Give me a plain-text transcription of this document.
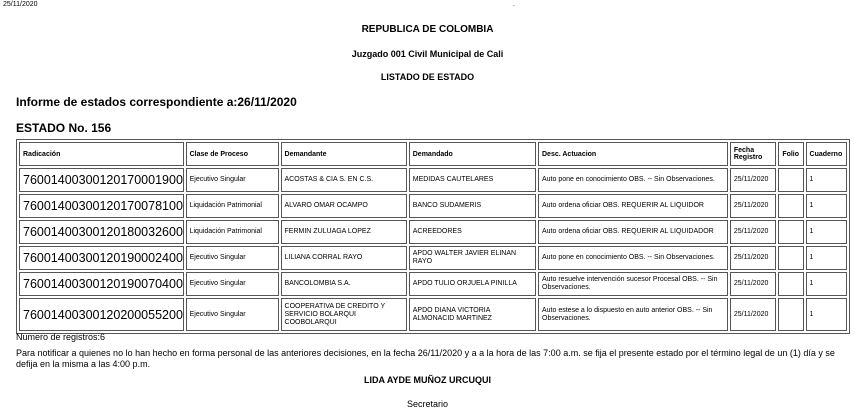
25/11/2020	.
REPUBLICA DE COLOMBIA
Juzgado 001 Civil Municipal de Cali
LISTADO DE ESTADO
Informe de estados correspondiente a:26/11/2020
ESTADO No. 156
Radicación	Clase de Proceso	Demandante	Demandado	Desc. Actuacion	Fecha Registro	Folio	Cuaderno
76001400300120170001900	Ejecutivo Singular	ACOSTAS & CIA S. EN C.S.	MEDIDAS CAUTELARES	Auto pone en conocimiento OBS. -- Sin Observaciones.	25/11/2020		1
76001400300120170078100	Liquidación Patrimonial	ALVARO OMAR OCAMPO	BANCO SUDAMERIS	Auto ordena oficiar OBS. REQUERIR AL LIQUIDOR	25/11/2020		1
76001400300120180032600	Liquidación Patrimonial	FERMIN ZULUAGA LOPEZ	ACREEDORES	Auto ordena oficiar OBS. REQUERIR AL LIQUIDADOR	25/11/2020		1
76001400300120190002400	Ejecutivo Singular	LILIANA CORRAL RAYO	APDO WALTER JAVIER ELINAN RAYO	Auto pone en conocimiento OBS. -- Sin Observaciones.	25/11/2020		1
76001400300120190070400	Ejecutivo Singular	BANCOLOMBIA S.A.	APDO TULIO ORJUELA PINILLA	Auto resuelve intervención sucesor Procesal OBS. -- Sin Observaciones.	25/11/2020		1
76001400300120200055200	Ejecutivo Singular	COOPERATIVA DE CREDITO Y SERVICIO BOLARQUI COOBOLARQUI	APDO DIANA VICTORIA ALMONACID MARTINEZ	Auto estese a lo dispuesto en auto anterior OBS. -- Sin Observaciones.	25/11/2020		1
Numero de registros:6
Para notificar a quienes no lo han hecho en forma personal de las anteriores decisiones, en la fecha 26/11/2020 y a a la hora de las 7:00 a.m. se fija el presente estado por el término legal de un (1) día y se defija en la misma a las 4:00 p.m.
LIDA AYDE MUÑOZ URCUQUI
Secretario
